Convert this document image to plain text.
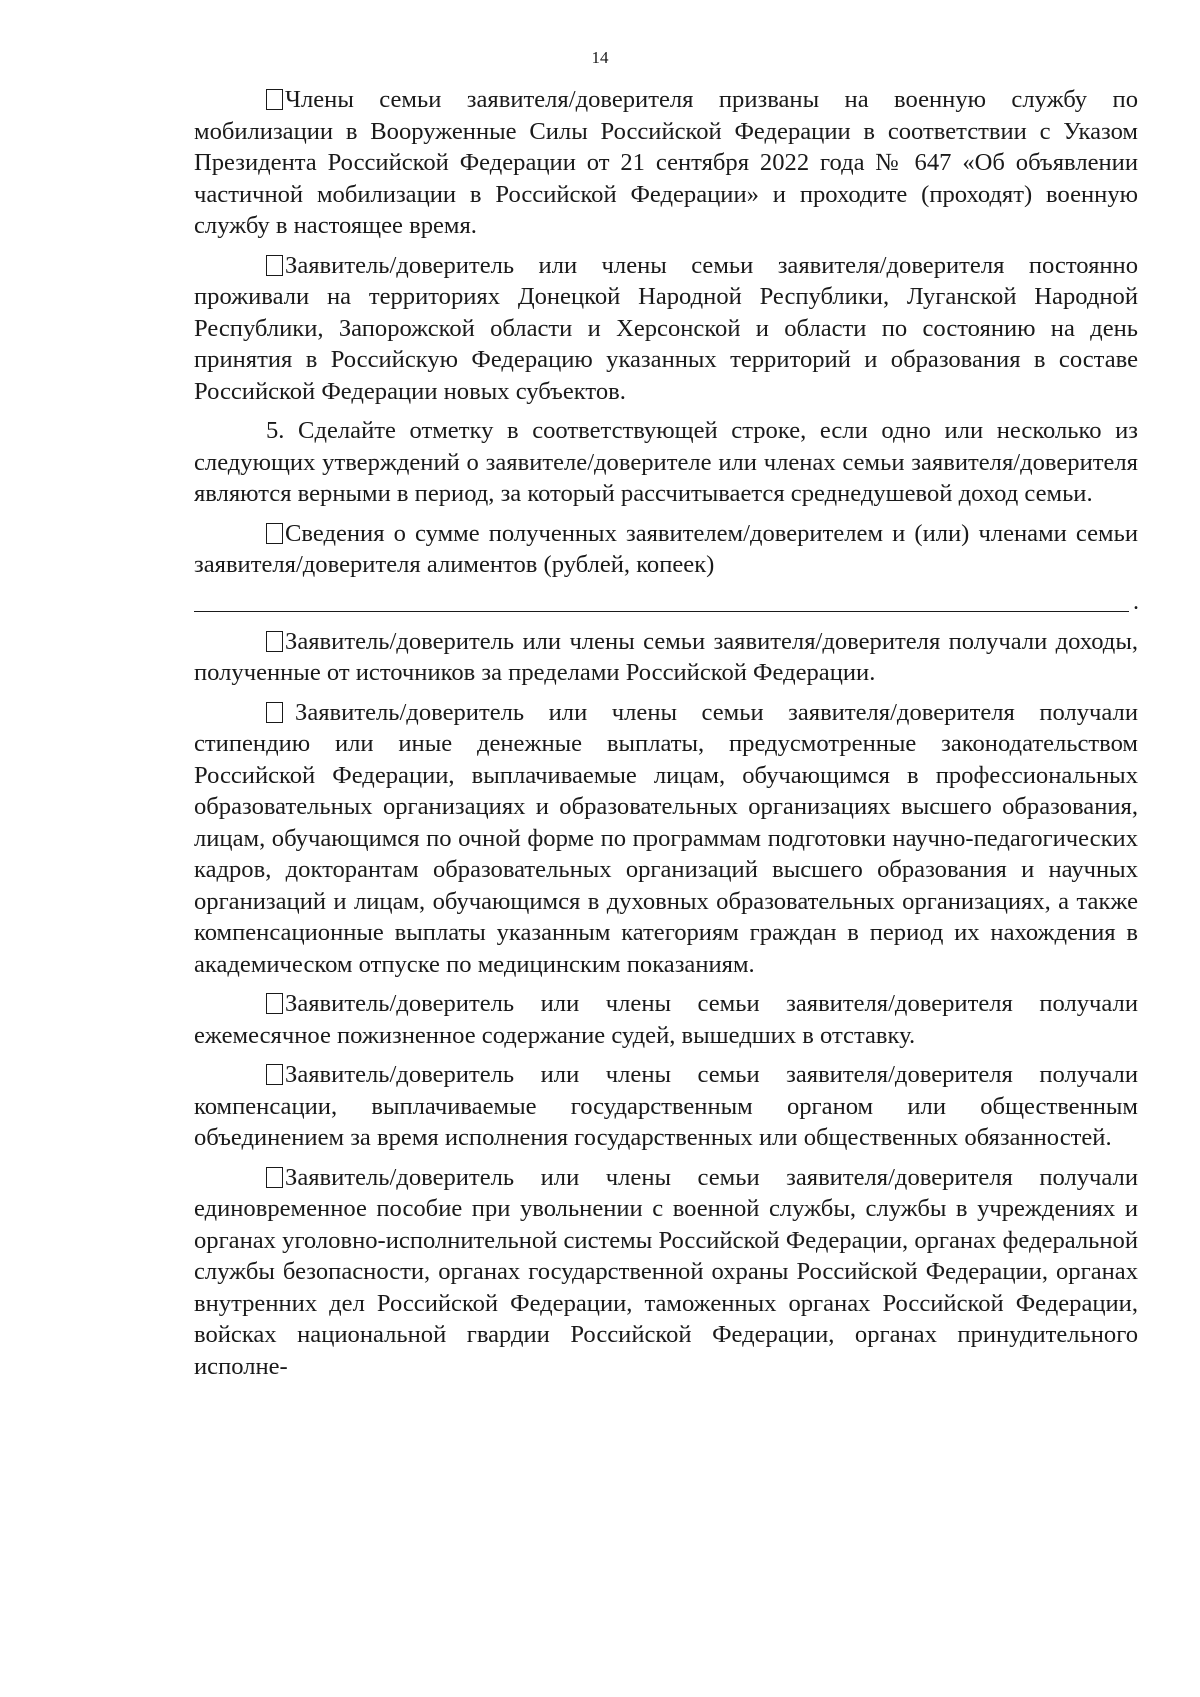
14

Члены семьи заявителя/доверителя призваны на военную службу по мобилизации в Вооруженные Силы Российской Федерации в соответствии с Указом Президента Российской Федерации от 21 сентября 2022 года № 647 «Об объявлении частичной мобилизации в Российской Федерации» и проходите (проходят) военную службу в настоящее время.

Заявитель/доверитель или члены семьи заявителя/доверителя постоянно проживали на территориях Донецкой Народной Республики, Луганской Народной Республики, Запорожской области и Херсонской и области по состоянию на день принятия в Российскую Федерацию указанных территорий и образования в составе Российской Федерации новых субъектов.

5. Сделайте отметку в соответствующей строке, если одно или несколько из следующих утверждений о заявителе/доверителе или членах семьи заявителя/доверителя являются верными в период, за который рассчитывается среднедушевой доход семьи.

Сведения о сумме полученных заявителем/доверителем и (или) членами семьи заявителя/доверителя алиментов (рублей, копеек)

.

Заявитель/доверитель или члены семьи заявителя/доверителя получали доходы, полученные от источников за пределами Российской Федерации.

Заявитель/доверитель или члены семьи заявителя/доверителя получали стипендию или иные денежные выплаты, предусмотренные законодательством Российской Федерации, выплачиваемые лицам, обучающимся в профессиональных образовательных организациях и образовательных организациях высшего образования, лицам, обучающимся по очной форме по программам подготовки научно-педагогических кадров, докторантам образовательных организаций высшего образования и научных организаций и лицам, обучающимся в духовных образовательных организациях, а также компенсационные выплаты указанным категориям граждан в период их нахождения в академическом отпуске по медицинским показаниям.

Заявитель/доверитель или члены семьи заявителя/доверителя получали ежемесячное пожизненное содержание судей, вышедших в отставку.

Заявитель/доверитель или члены семьи заявителя/доверителя получали компенсации, выплачиваемые государственным органом или общественным объединением за время исполнения государственных или общественных обязанностей.

Заявитель/доверитель или члены семьи заявителя/доверителя получали единовременное пособие при увольнении с военной службы, службы в учреждениях и органах уголовно-исполнительной системы Российской Федерации, органах федеральной службы безопасности, органах государственной охраны Российской Федерации, органах внутренних дел Российской Федерации, таможенных органах Российской Федерации, войсках национальной гвардии Российской Федерации, органах принудительного исполне-
